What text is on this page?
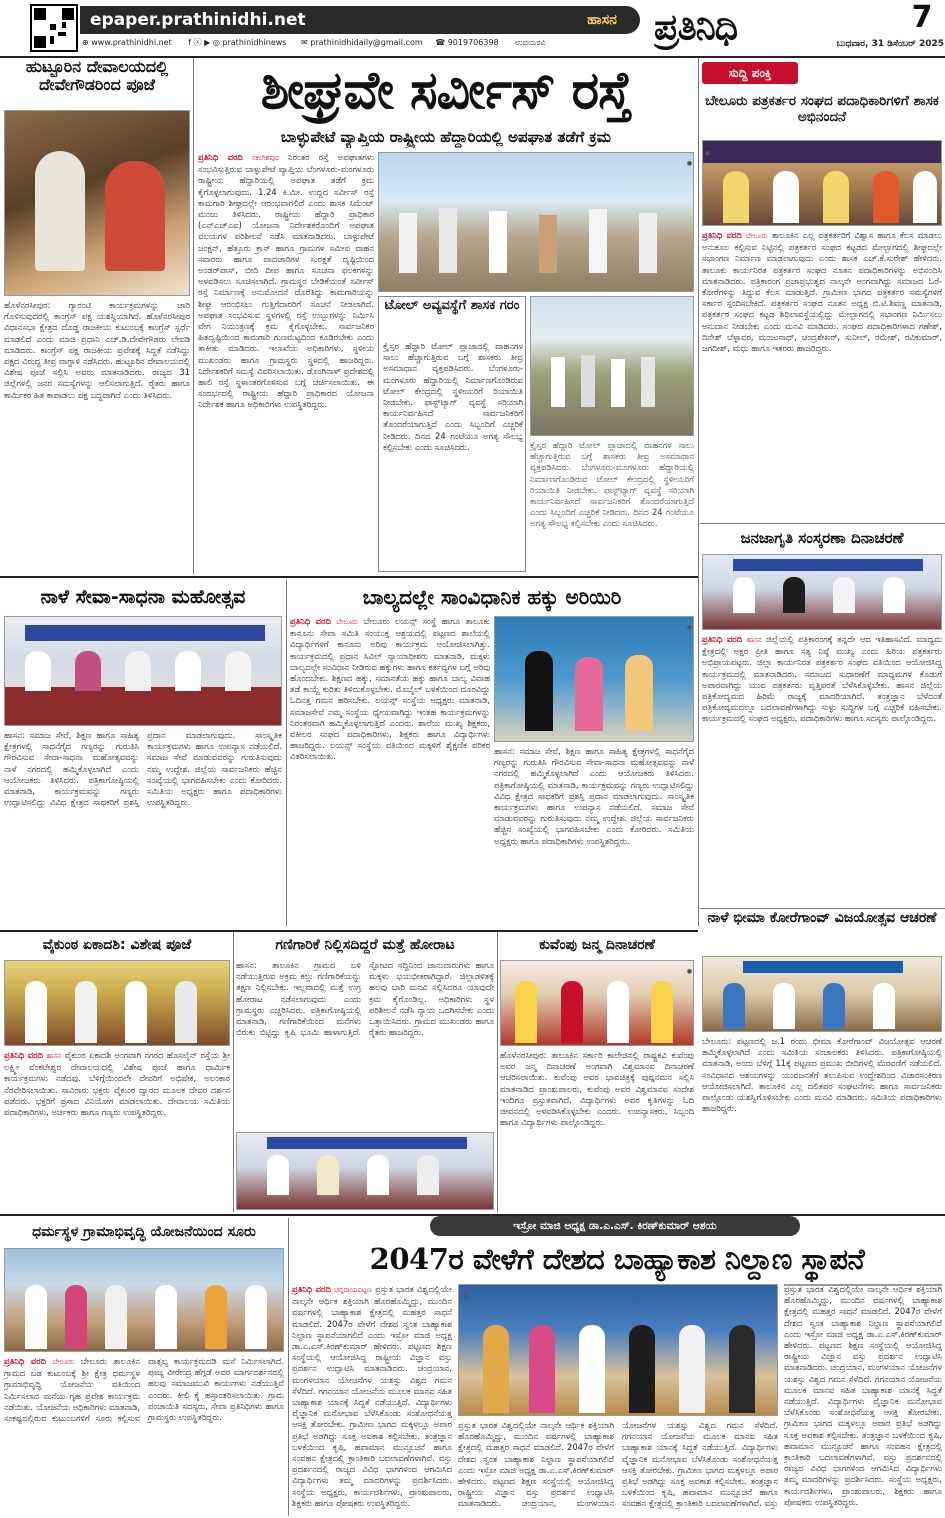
epaper.prathinidhi.net	ಹಾಸನ
⊕ www.prathinidhi.net f ⓧ ▶ ◎ prathinidhinews ✉ prathinidhidaily@gmail.com ☎ 9019706398 ಉದಯರವಿ	ಪ್ರತಿನಿಧಿ	7
ಬುಧವಾರ, 31 ಡಿಸೆಂಬರ್ 2025
ಹುಟ್ಟೂರಿನ ದೇವಾಲಯದಲ್ಲಿ ದೇವೇಗೌಡರಿಂದ ಪೂಜೆ
●
ಹೊಳೆನರಸೀಪುರ: ಗ್ಯಾರಂಟಿ ಕಾರ್ಯಕ್ರಮಗಳನ್ನು ಜಾರಿ ಗೊಳಿಸುವುದರಲ್ಲಿ ಕಾಂಗ್ರೆಸ್ ಪಕ್ಷ ಯಶಸ್ವಿಯಾಗಿದೆ. ಹೊಳೆನರಸೀಪುರ ವಿಧಾನಸಭಾ ಕ್ಷೇತ್ರದ ದೊಡ್ಡ ರಾಜಕೀಯ ಕುಟುಂಬಕ್ಕೆ ಕಾಂಗ್ರೆಸ್ ಸ್ಪರ್ಧೆ ಮಾಡಲಿದೆ ಎಂದು ಮಾಜಿ ಪ್ರಧಾನಿ ಎಚ್.ಡಿ.ದೇವೇಗೌಡರು ಲೇವಡಿ ಮಾಡಿದರು. ಕಾಂಗ್ರೆಸ್ ಪಕ್ಷ ರಾಜಕೀಯ ಪ್ರವೇಶಕ್ಕೆ ಸಿದ್ಧತೆ ನಡೆಸಿದ್ದು ಪಕ್ಷದ ವಿರುದ್ಧ ತೀವ್ರ ವಾಗ್ದಾಳಿ ನಡೆಸಿದರು. ಹುಟ್ಟೂರಿನ ದೇವಾಲಯದಲ್ಲಿ ವಿಶೇಷ ಪೂಜೆ ಸಲ್ಲಿಸಿ ಅವರು ಮಾತನಾಡಿದರು. ರಾಜ್ಯದ 31 ಜಿಲ್ಲೆಗಳಲ್ಲಿ ಜನರ ಸಮಸ್ಯೆಗಳನ್ನು ಆಲಿಸಲಾಗುತ್ತಿದೆ. ರೈತರು ಹಾಗೂ ಕಾರ್ಮಿಕರ ಹಿತ ಕಾಪಾಡಲು ಪಕ್ಷ ಬದ್ಧವಾಗಿದೆ ಎಂದು ತಿಳಿಸಿದರು.
ಶೀಘ್ರವೇ ಸರ್ವೀಸ್ ರಸ್ತೆ
ಬಾಳ್ಳುಪೇಟೆ ವ್ಯಾಪ್ತಿಯ ರಾಷ್ಟ್ರೀಯ ಹೆದ್ದಾರಿಯಲ್ಲಿ ಅಪಘಾತ ತಡೆಗೆ ಕ್ರಮ
ಪ್ರತಿನಿಧಿ ವರದಿ ಸಕಲೇಶಪುರ ನಿರಂತರ ರಸ್ತೆ ಅಪಘಾತಗಳು ಸಂಭವಿಸುತ್ತಿರುವ ಬಾಳ್ಳುಪೇಟೆ ವ್ಯಾಪ್ತಿಯ ಬೆಂಗಳೂರು-ಮಂಗಳೂರು ರಾಷ್ಟ್ರೀಯ ಹೆದ್ದಾರಿಯಲ್ಲಿ ಅಪಘಾತ ತಡೆಗೆ ಕ್ರಮ ಕೈಗೊಳ್ಳಲಾಗುವುದು. 1.24 ಕಿ.ಮೀ. ಉದ್ದದ ಸರ್ವೀಸ್ ರಸ್ತೆ ಕಾಮಗಾರಿ ಶೀಘ್ರದಲ್ಲೇ ಆರಂಭವಾಗಲಿದೆ ಎಂದು ಶಾಸಕ ಸಿಮೆಂಟ್ ಮಂಜು ತಿಳಿಸಿದರು. ರಾಷ್ಟ್ರೀಯ ಹೆದ್ದಾರಿ ಪ್ರಾಧಿಕಾರ (ಎನ್‌ಎಚ್‌ಎ‌ಐ) ಯೋಜನಾ ನಿರ್ದೇಶಕರೊಂದಿಗೆ ಅಪಘಾತ ವಲಯಗಳ ಪರಿಶೀಲನೆ ನಡೆಸಿ ಮಾತನಾಡಿದರು. ಬಾಳ್ಳುಪೇಟೆ ಜಂಕ್ಷನ್, ಹೆತ್ತೂರು ಕ್ರಾಸ್ ಹಾಗೂ ಗ್ರಾಮಗಳ ಸಮೀಪ ವಾಹನ ಸವಾರರು ಹಾಗೂ ಪಾದಚಾರಿಗಳ ಸುರಕ್ಷತೆ ದೃಷ್ಟಿಯಿಂದ ಅಂಡರ್‌ಪಾಸ್, ಬೀದಿ ದೀಪ ಹಾಗೂ ಸೂಚನಾ ಫಲಕಗಳನ್ನು ಅಳವಡಿಸಲು ಸೂಚಿಸಲಾಗಿದೆ. ಗ್ರಾಮಸ್ಥರ ಬೇಡಿಕೆಯಂತೆ ಸರ್ವೀಸ್ ರಸ್ತೆ ನಿರ್ಮಾಣಕ್ಕೆ ಅನುಮೋದನೆ ದೊರೆತಿದ್ದು ಕಾಮಗಾರಿಯನ್ನು ಶೀಘ್ರ ಆರಂಭಿಸಲು ಗುತ್ತಿಗೆದಾರರಿಗೆ ಸೂಚನೆ ನೀಡಲಾಗಿದೆ. ಅಪಘಾತ ಸಂಭವಿಸುವ ಸ್ಥಳಗಳಲ್ಲಿ ರಸ್ತೆ ಉಬ್ಬುಗಳನ್ನು ನಿರ್ಮಿಸಿ ವೇಗ ನಿಯಂತ್ರಣಕ್ಕೆ ಕ್ರಮ ಕೈಗೊಳ್ಳಬೇಕು. ಸಾರ್ವಜನಿಕರ ಹಿತದೃಷ್ಟಿಯಿಂದ ಕಾಮಗಾರಿ ಗುಣಮಟ್ಟದಿಂದ ಕೂಡಿರಬೇಕು ಎಂದು ತಾಕೀತು ಮಾಡಿದರು. ಇಲಾಖೆಯ ಅಧಿಕಾರಿಗಳು, ಸ್ಥಳೀಯ ಮುಖಂಡರು ಹಾಗೂ ಗ್ರಾಮಸ್ಥರು ಸ್ಥಳದಲ್ಲಿ ಹಾಜರಿದ್ದರು. ನಿರ್ದೇಶಕರಿಗೆ ಸಮಸ್ಯೆ ವಿವರಿಸಲಾಯಿತು. ಡೊಂಗಿನಾಳ್ ಪ್ರದೇಶದಲ್ಲಿ ಹಾಲಿ ರಸ್ತೆ ಸ್ಥಳಾಂತರಗೊಳಿಸುವ ಬಗ್ಗೆ ಚರ್ಚಿಸಲಾಯಿತು. ಈ ಸಂದರ್ಭದಲ್ಲಿ ರಾಷ್ಟ್ರೀಯ ಹೆದ್ದಾರಿ ಪ್ರಾಧಿಕಾರದ ಯೋಜನಾ ನಿರ್ದೇಶಕ ಹಾಗೂ ಅಧಿಕಾರಿಗಳು ಉಪಸ್ಥಿತರಿದ್ದರು.
●
ಟೋಲ್ ಅವ್ಯವಸ್ಥೆಗೆ ಶಾಸಕ ಗರಂ
ಕ್ರೈಸ್ತರ ಹೆದ್ದಾರಿ ಟೋಲ್ ಪ್ಲಾಜಾದಲ್ಲಿ ವಾಹನಗಳ ಸಾಲು ಹೆಚ್ಚಾಗುತ್ತಿರುವ ಬಗ್ಗೆ ಶಾಸಕರು ತೀವ್ರ ಅಸಮಾಧಾನ ವ್ಯಕ್ತಪಡಿಸಿದರು. ಬೆಂಗಳೂರು-ಮಂಗಳೂರು ಹೆದ್ದಾರಿಯಲ್ಲಿ ನಿರ್ಮಾಣಗೊಂಡಿರುವ ಟೋಲ್ ಕೇಂದ್ರದಲ್ಲಿ ಸ್ಥಳೀಯರಿಗೆ ರಿಯಾಯಿತಿ ನೀಡಬೇಕು. ಫಾಸ್ಟ್‌ಟ್ಯಾಗ್ ವ್ಯವಸ್ಥೆ ಸರಿಯಾಗಿ ಕಾರ್ಯನಿರ್ವಹಿಸದೆ ಸಾರ್ವಜನಿಕರಿಗೆ ತೊಂದರೆಯಾಗುತ್ತಿದೆ ಎಂದು ಸಿಬ್ಬಂದಿಗೆ ಎಚ್ಚರಿಕೆ ನೀಡಿದರು. ದಿನದ 24 ಗಂಟೆಯೂ ಅಗತ್ಯ ಸೌಲಭ್ಯ ಕಲ್ಪಿಸಬೇಕು ಎಂದು ಸೂಚಿಸಿದರು.	ಕ್ರೈಸ್ತರ ಹೆದ್ದಾರಿ ಟೋಲ್ ಪ್ಲಾಜಾದಲ್ಲಿ ವಾಹನಗಳ ಸಾಲು ಹೆಚ್ಚಾಗುತ್ತಿರುವ ಬಗ್ಗೆ ಶಾಸಕರು ತೀವ್ರ ಅಸಮಾಧಾನ ವ್ಯಕ್ತಪಡಿಸಿದರು. ಬೆಂಗಳೂರು-ಮಂಗಳೂರು ಹೆದ್ದಾರಿಯಲ್ಲಿ ನಿರ್ಮಾಣಗೊಂಡಿರುವ ಟೋಲ್ ಕೇಂದ್ರದಲ್ಲಿ ಸ್ಥಳೀಯರಿಗೆ ರಿಯಾಯಿತಿ ನೀಡಬೇಕು. ಫಾಸ್ಟ್‌ಟ್ಯಾಗ್ ವ್ಯವಸ್ಥೆ ಸರಿಯಾಗಿ ಕಾರ್ಯನಿರ್ವಹಿಸದೆ ಸಾರ್ವಜನಿಕರಿಗೆ ತೊಂದರೆಯಾಗುತ್ತಿದೆ ಎಂದು ಸಿಬ್ಬಂದಿಗೆ ಎಚ್ಚರಿಕೆ ನೀಡಿದರು. ದಿನದ 24 ಗಂಟೆಯೂ ಅಗತ್ಯ ಸೌಲಭ್ಯ ಕಲ್ಪಿಸಬೇಕು ಎಂದು ಸೂಚಿಸಿದರು.
ಸುದ್ದಿ ಪಂಕ್ತಿ
ಬೇಲೂರು ಪತ್ರಕರ್ತರ ಸಂಘದ ಪದಾಧಿಕಾರಿಗಳಿಗೆ ಶಾಸಕ ಅಭಿನಂದನೆ
●
ಪ್ರತಿನಿಧಿ ವರದಿ ಬೇಲೂರು ತಾಲೂಕಿನ ಎಲ್ಲ ಪತ್ರಕರ್ತರಿಗೆ ವಿಶ್ವಾಸ ಹಾಗೂ ಕೆಲಸ ಮಾಡಲು ಅನುಕೂಲ ಕಲ್ಪಿಸುವ ನಿಟ್ಟಿನಲ್ಲಿ ಪತ್ರಕರ್ತರ ಸಂಘದ ಕಟ್ಟಡದ ಮೇಲ್ಭಾಗದಲ್ಲಿ ಶೀಘ್ರದಲ್ಲೇ ಸಭಾಂಗಣ ನಿರ್ಮಾಣ ಮಾಡಲಾಗುವುದು ಎಂದು ಶಾಸಕ ಎಚ್.ಕೆ.ಸುರೇಶ್ ಹೇಳಿದರು. ತಾಲೂಕು ಕಾರ್ಯನಿರತ ಪತ್ರಕರ್ತರ ಸಂಘದ ನೂತನ ಪದಾಧಿಕಾರಿಗಳನ್ನು ಅಭಿನಂದಿಸಿ ಮಾತನಾಡಿದರು. ಪತ್ರಿಕಾರಂಗ ಪ್ರಜಾಪ್ರಭುತ್ವದ ನಾಲ್ಕನೇ ಅಂಗವಾಗಿದ್ದು ಸಮಾಜದ ಓರೆ-ಕೋರೆಗಳನ್ನು ತಿದ್ದುವ ಕೆಲಸ ಮಾಡುತ್ತಿದೆ. ಗ್ರಾಮೀಣ ಭಾಗದ ಪತ್ರಕರ್ತರ ಸಮಸ್ಯೆಗಳಿಗೆ ಸರ್ಕಾರ ಸ್ಪಂದಿಸಬೇಕಿದೆ. ಪತ್ರಕರ್ತರ ಸಂಘದ ನೂತನ ಅಧ್ಯಕ್ಷ ಬಿ.ಟಿ.ಶಿವಣ್ಣ ಮಾತನಾಡಿ, ಪತ್ರಕರ್ತರ ಸಂಘದ ಕಟ್ಟಡ ಶಿಥಿಲಾವಸ್ಥೆಯಲ್ಲಿದ್ದು ಮೇಲ್ಭಾಗದಲ್ಲಿ ಸಭಾಂಗಣ ನಿರ್ಮಿಸಲು ಅನುದಾನ ನೀಡಬೇಕು ಎಂದು ಮನವಿ ಮಾಡಿದರು. ಸಂಘದ ಪದಾಧಿಕಾರಿಗಳಾದ ಗಣೇಶ್, ದಿನೇಶ್ ಬೆಳ್ಳಾವರ, ಮಂಜುನಾಥ್, ಚಂದ್ರಶೇಖರ್, ಸುನೀಲ್, ರಮೇಶ್, ರವಿಕುಮಾರ್, ಜಗದೀಶ್, ಮಧು ಹಾಗೂ ಇತರರು ಹಾಜರಿದ್ದರು.
ಜನಜಾಗೃತಿ ಸಂಸ್ಕರಣಾ ದಿನಾಚರಣೆ
ನಾಳೆ ಸೇವಾ-ಸಾಧನಾ ಮಹೋತ್ಸವ
ಹಾಸನ: ಸಮಾಜ ಸೇವೆ, ಶಿಕ್ಷಣ ಹಾಗೂ ಸಾಹಿತ್ಯ ಕ್ಷೇತ್ರಗಳಲ್ಲಿ ಸಾಧನೆಗೈದ ಗಣ್ಯರನ್ನು ಗುರುತಿಸಿ ಗೌರವಿಸುವ ಸೇವಾ-ಸಾಧನಾ ಮಹೋತ್ಸವವನ್ನು ನಾಳೆ ನಗರದಲ್ಲಿ ಹಮ್ಮಿಕೊಳ್ಳಲಾಗಿದೆ ಎಂದು ಆಯೋಜಕರು ತಿಳಿಸಿದರು. ಪತ್ರಿಕಾಗೋಷ್ಠಿಯಲ್ಲಿ ಮಾತನಾಡಿ, ಕಾರ್ಯಕ್ರಮವನ್ನು ಗಣ್ಯರು ಉದ್ಘಾಟಿಸಲಿದ್ದು ವಿವಿಧ ಕ್ಷೇತ್ರದ ಸಾಧಕರಿಗೆ ಪ್ರಶಸ್ತಿ ಪ್ರದಾನ ಮಾಡಲಾಗುವುದು. ಸಾಂಸ್ಕೃತಿಕ ಕಾರ್ಯಕ್ರಮಗಳು ಹಾಗೂ ಉಪನ್ಯಾಸ ನಡೆಯಲಿದೆ. ಸಮಾಜ ಸೇವೆ ಮಾಡುವವರನ್ನು ಗುರುತಿಸುವುದು ನಮ್ಮ ಉದ್ದೇಶ. ಜಿಲ್ಲೆಯ ಸಾರ್ವಜನಿಕರು ಹೆಚ್ಚಿನ ಸಂಖ್ಯೆಯಲ್ಲಿ ಭಾಗವಹಿಸಬೇಕು ಎಂದು ಕೋರಿದರು. ಸಮಿತಿಯ ಅಧ್ಯಕ್ಷರು ಹಾಗೂ ಪದಾಧಿಕಾರಿಗಳು ಉಪಸ್ಥಿತರಿದ್ದರು.
ಬಾಲ್ಯದಲ್ಲೇ ಸಾಂವಿಧಾನಿಕ ಹಕ್ಕು ಅರಿಯಿರಿ
ಪ್ರತಿನಿಧಿ ವರದಿ ಬೇಲೂರು ಬೇಲೂರು ಲಯನ್ಸ್ ಸಂಸ್ಥೆ ಹಾಗೂ ತಾಲೂಕು ಕಾನೂನು ಸೇವಾ ಸಮಿತಿ ಸಂಯುಕ್ತ ಆಶ್ರಯದಲ್ಲಿ ಪಟ್ಟಣದ ಶಾಲೆಯಲ್ಲಿ ವಿದ್ಯಾರ್ಥಿಗಳಿಗೆ ಕಾನೂನು ಅರಿವು ಕಾರ್ಯಕ್ರಮ ಆಯೋಜಿಸಲಾಗಿತ್ತು. ಕಾರ್ಯಕ್ರಮದಲ್ಲಿ ಪ್ರಧಾನ ಸಿವಿಲ್ ನ್ಯಾಯಾಧೀಶರು ಮಾತನಾಡಿ, ಮಕ್ಕಳು ಬಾಲ್ಯದಲ್ಲೇ ಸಂವಿಧಾನ ನೀಡಿರುವ ಹಕ್ಕುಗಳು ಹಾಗೂ ಕರ್ತವ್ಯಗಳ ಬಗ್ಗೆ ಅರಿವು ಹೊಂದಬೇಕು. ಶಿಕ್ಷಣದ ಹಕ್ಕು, ಸಮಾನತೆಯ ಹಕ್ಕು ಹಾಗೂ ಬಾಲ್ಯ ವಿವಾಹ ತಡೆ ಕಾಯ್ದೆ ಕುರಿತು ತಿಳಿದುಕೊಳ್ಳಬೇಕು. ಮೊಬೈಲ್ ಬಳಕೆಯಿಂದ ದೂರವಿದ್ದು ಓದಿನತ್ತ ಗಮನ ಹರಿಸಬೇಕು. ಲಯನ್ಸ್ ಸಂಸ್ಥೆಯ ಅಧ್ಯಕ್ಷರು ಮಾತನಾಡಿ, ಸಮಾಜಸೇವೆ ನಮ್ಮ ಸಂಸ್ಥೆಯ ಧ್ಯೇಯವಾಗಿದ್ದು ಇಂತಹ ಕಾರ್ಯಕ್ರಮಗಳನ್ನು ನಿರಂತರವಾಗಿ ಹಮ್ಮಿಕೊಳ್ಳಲಾಗುತ್ತಿದೆ ಎಂದರು. ಶಾಲೆಯ ಮುಖ್ಯ ಶಿಕ್ಷಕರು, ವಕೀಲರ ಸಂಘದ ಪದಾಧಿಕಾರಿಗಳು, ಶಿಕ್ಷಕರು ಹಾಗೂ ವಿದ್ಯಾರ್ಥಿಗಳು ಹಾಜರಿದ್ದರು. ಲಯನ್ಸ್ ಸಂಸ್ಥೆಯ ವತಿಯಿಂದ ಮಕ್ಕಳಿಗೆ ಶೈಕ್ಷಣಿಕ ಪರಿಕರ ವಿತರಿಸಲಾಯಿತು.
●
ಹಾಸನ: ಸಮಾಜ ಸೇವೆ, ಶಿಕ್ಷಣ ಹಾಗೂ ಸಾಹಿತ್ಯ ಕ್ಷೇತ್ರಗಳಲ್ಲಿ ಸಾಧನೆಗೈದ ಗಣ್ಯರನ್ನು ಗುರುತಿಸಿ ಗೌರವಿಸುವ ಸೇವಾ-ಸಾಧನಾ ಮಹೋತ್ಸವವನ್ನು ನಾಳೆ ನಗರದಲ್ಲಿ ಹಮ್ಮಿಕೊಳ್ಳಲಾಗಿದೆ ಎಂದು ಆಯೋಜಕರು ತಿಳಿಸಿದರು. ಪತ್ರಿಕಾಗೋಷ್ಠಿಯಲ್ಲಿ ಮಾತನಾಡಿ, ಕಾರ್ಯಕ್ರಮವನ್ನು ಗಣ್ಯರು ಉದ್ಘಾಟಿಸಲಿದ್ದು ವಿವಿಧ ಕ್ಷೇತ್ರದ ಸಾಧಕರಿಗೆ ಪ್ರಶಸ್ತಿ ಪ್ರದಾನ ಮಾಡಲಾಗುವುದು. ಸಾಂಸ್ಕೃತಿಕ ಕಾರ್ಯಕ್ರಮಗಳು ಹಾಗೂ ಉಪನ್ಯಾಸ ನಡೆಯಲಿದೆ. ಸಮಾಜ ಸೇವೆ ಮಾಡುವವರನ್ನು ಗುರುತಿಸುವುದು ನಮ್ಮ ಉದ್ದೇಶ. ಜಿಲ್ಲೆಯ ಸಾರ್ವಜನಿಕರು ಹೆಚ್ಚಿನ ಸಂಖ್ಯೆಯಲ್ಲಿ ಭಾಗವಹಿಸಬೇಕು ಎಂದು ಕೋರಿದರು. ಸಮಿತಿಯ ಅಧ್ಯಕ್ಷರು ಹಾಗೂ ಪದಾಧಿಕಾರಿಗಳು ಉಪಸ್ಥಿತರಿದ್ದರು.
ಪ್ರತಿನಿಧಿ ವರದಿ ಹಾಸನ ಜಿಲ್ಲೆಯಲ್ಲಿ ಪತ್ರಿಕಾರಂಗಕ್ಕೆ ತನ್ನದೇ ಆದ ಇತಿಹಾಸವಿದೆ. ಮಾಧ್ಯಮ ಕ್ಷೇತ್ರದಲ್ಲಿ ಅಕ್ಷರ ಪ್ರೀತಿ ಹಾಗೂ ಸತ್ಯ ನಿಷ್ಠೆ ಮುಖ್ಯ ಎಂದು ಹಿರಿಯ ಪತ್ರಕರ್ತರು ಅಭಿಪ್ರಾಯಪಟ್ಟರು. ಜಿಲ್ಲಾ ಕಾರ್ಯನಿರತ ಪತ್ರಕರ್ತರ ಸಂಘದ ವತಿಯಿಂದ ಆಯೋಜಿಸಿದ್ದ ಕಾರ್ಯಕ್ರಮದಲ್ಲಿ ಮಾತನಾಡಿದರು. ಸಮಾಜದ ಸುಧಾರಣೆಗೆ ಮಾಧ್ಯಮಗಳ ಕೊಡುಗೆ ಅಪಾರವಾಗಿದ್ದು ಯುವ ಪತ್ರಕರ್ತರು ವೃತ್ತಿಪರತೆ ಬೆಳೆಸಿಕೊಳ್ಳಬೇಕು. ಹಾಸನ ಜಿಲ್ಲೆಯ ಪತ್ರಿಕೋದ್ಯಮದ ಹಿರಿಮೆ ರಾಜ್ಯಕ್ಕೆ ಮಾದರಿಯಾಗಿದೆ. ತಂತ್ರಜ್ಞಾನ ಬೆಳೆದಂತೆ ಪತ್ರಿಕೋದ್ಯಮದಲ್ಲೂ ಬದಲಾವಣೆಗಳಾಗಿದ್ದು ಸುಳ್ಳು ಸುದ್ದಿಗಳ ಬಗ್ಗೆ ಎಚ್ಚರಿಕೆ ವಹಿಸಬೇಕು. ಕಾರ್ಯಕ್ರಮದಲ್ಲಿ ಸಂಘದ ಅಧ್ಯಕ್ಷರು, ಪದಾಧಿಕಾರಿಗಳು ಹಾಗೂ ಸದಸ್ಯರು ಪಾಲ್ಗೊಂಡಿದ್ದರು.
ನಾಳೆ ಭೀಮಾ ಕೋರೆಗಾಂವ್ ವಿಜಯೋತ್ಸವ ಆಚರಣೆ
ಬೇಲೂರು: ಪಟ್ಟಣದಲ್ಲಿ ಜ.1 ರಂದು ಭೀಮಾ ಕೋರೆಗಾಂವ್ ವಿಜಯೋತ್ಸವ ಆಚರಣೆ ಹಮ್ಮಿಕೊಳ್ಳಲಾಗಿದೆ ಎಂದು ಸಮಿತಿಯ ಸಂಚಾಲಕರು ತಿಳಿಸಿದರು. ಪತ್ರಿಕಾಗೋಷ್ಠಿಯಲ್ಲಿ ಮಾತನಾಡಿ, ಅಂದು ಬೆಳಿಗ್ಗೆ 11ಕ್ಕೆ ಪಟ್ಟಣದ ಪ್ರಮುಖ ಬೀದಿಗಳಲ್ಲಿ ಮೆರವಣಿಗೆ ನಡೆಯಲಿದೆ. ಸಂವಿಧಾನದ ಆಶಯಗಳನ್ನು ಯುವಜನತೆಗೆ ತಲುಪಿಸುವ ಉದ್ದೇಶದಿಂದ ವಿಚಾರಸಂಕಿರಣ ಆಯೋಜಿಸಲಾಗಿದೆ. ತಾಲೂಕಿನ ಎಲ್ಲ ದಲಿತಪರ ಸಂಘಟನೆಗಳು ಹಾಗೂ ಸಾರ್ವಜನಿಕರು ಪಾಲ್ಗೊಂಡು ಯಶಸ್ವಿಗೊಳಿಸಬೇಕು ಎಂದು ಮನವಿ ಮಾಡಿದರು. ಸಮಿತಿಯ ಪದಾಧಿಕಾರಿಗಳು ಹಾಜರಿದ್ದರು.
ವೈಕುಂಠ ಏಕಾದಶಿ: ವಿಶೇಷ ಪೂಜೆ
ಪ್ರತಿನಿಧಿ ವರದಿ ಹಾಸನ ವೈಕುಂಠ ಏಕಾದಶಿ ಅಂಗವಾಗಿ ನಗರದ ಹೊಸಲೈನ್ ರಸ್ತೆಯ ಶ್ರೀ ಲಕ್ಷ್ಮೀ ವೆಂಕಟೇಶ್ವರ ದೇವಾಲಯದಲ್ಲಿ ವಿಶೇಷ ಪೂಜೆ ಹಾಗೂ ಧಾರ್ಮಿಕ ಕಾರ್ಯಕ್ರಮಗಳು ನಡೆದವು. ಬೆಳಿಗ್ಗೆಯಿಂದಲೇ ದೇವರಿಗೆ ಅಭಿಷೇಕ, ಅಲಂಕಾರ ನೆರವೇರಿಸಲಾಯಿತು. ಸಾವಿರಾರು ಭಕ್ತರು ವೈಕುಂಠ ದ್ವಾರದ ಮೂಲಕ ದೇವರ ದರ್ಶನ ಪಡೆದರು. ಭಕ್ತರಿಗೆ ಪ್ರಸಾದ ವಿನಿಯೋಗ ಮಾಡಲಾಯಿತು. ದೇವಾಲಯ ಸಮಿತಿಯ ಪದಾಧಿಕಾರಿಗಳು, ಅರ್ಚಕರು ಹಾಗೂ ಗಣ್ಯರು ಉಪಸ್ಥಿತರಿದ್ದರು.
ಗಣಿಗಾರಿಕೆ ನಿಲ್ಲಿಸದಿದ್ದರೆ ಮತ್ತೆ ಹೋರಾಟ
ಹಾಸನ: ತಾಲೂಕಿನ ಗ್ರಾಮದ ಬಳಿ ನಡೆಯುತ್ತಿರುವ ಅಕ್ರಮ ಕಲ್ಲು ಗಣಿಗಾರಿಕೆಯನ್ನು ತಕ್ಷಣ ನಿಲ್ಲಿಸಬೇಕು. ಇಲ್ಲವಾದಲ್ಲಿ ಮತ್ತೆ ಉಗ್ರ ಹೋರಾಟ ನಡೆಸಲಾಗುವುದು ಎಂದು ಗ್ರಾಮಸ್ಥರು ಎಚ್ಚರಿಸಿದರು. ಪತ್ರಿಕಾಗೋಷ್ಠಿಯಲ್ಲಿ ಮಾತನಾಡಿ, ಗಣಿಗಾರಿಕೆಯಿಂದ ಮನೆಗಳು ಬಿರುಕು ಬಿಟ್ಟಿದ್ದು ಕೃಷಿ ಭೂಮಿ ಹಾಳಾಗುತ್ತಿದೆ. ಸ್ಫೋಟದ ಸದ್ದಿನಿಂದ ಜಾನುವಾರುಗಳು ಹಾಗೂ ಮಕ್ಕಳು ಭಯಭೀತರಾಗಿದ್ದಾರೆ. ಜಿಲ್ಲಾಡಳಿತಕ್ಕೆ ಹಲವು ಬಾರಿ ಮನವಿ ಸಲ್ಲಿಸಿದರೂ ಯಾವುದೇ ಕ್ರಮ ಕೈಗೊಂಡಿಲ್ಲ. ಅಧಿಕಾರಿಗಳು ಸ್ಥಳ ಪರಿಶೀಲನೆ ನಡೆಸಿ ನ್ಯಾಯ ಒದಗಿಸಬೇಕು ಎಂದು ಒತ್ತಾಯಿಸಿದರು. ಗ್ರಾಮದ ಮುಖಂಡರು ಹಾಗೂ ರೈತರು ಹಾಜರಿದ್ದರು.
ಕುವೆಂಪು ಜನ್ಮ ದಿನಾಚರಣೆ
●
ಹೊಳೆನರಸೀಪುರ: ತಾಲೂಕಿನ ಸರ್ಕಾರಿ ಕಾಲೇಜಿನಲ್ಲಿ ರಾಷ್ಟ್ರಕವಿ ಕುವೆಂಪು ಅವರ ಜನ್ಮ ದಿನಾಚರಣೆ ಅಂಗವಾಗಿ ವಿಶ್ವಮಾನವ ದಿನಾಚರಣೆ ಆಚರಿಸಲಾಯಿತು. ಕುವೆಂಪು ಅವರ ಭಾವಚಿತ್ರಕ್ಕೆ ಪುಷ್ಪನಮನ ಸಲ್ಲಿಸಿ ಮಾತನಾಡಿದ ಪ್ರಾಂಶುಪಾಲರು, ಕುವೆಂಪು ಅವರ ವಿಶ್ವಮಾನವ ಸಂದೇಶ ಇಂದಿಗೂ ಪ್ರಸ್ತುತವಾಗಿದೆ. ವಿದ್ಯಾರ್ಥಿಗಳು ಅವರ ಕೃತಿಗಳನ್ನು ಓದಿ ಜೀವನದಲ್ಲಿ ಅಳವಡಿಸಿಕೊಳ್ಳಬೇಕು ಎಂದರು. ಉಪನ್ಯಾಸಕರು, ಸಿಬ್ಬಂದಿ ಹಾಗೂ ವಿದ್ಯಾರ್ಥಿಗಳು ಪಾಲ್ಗೊಂಡಿದ್ದರು.
ಧರ್ಮಸ್ಥಳ ಗ್ರಾಮಾಭಿವೃದ್ಧಿ ಯೋಜನೆಯಿಂದ ಸೂರು
ಪ್ರತಿನಿಧಿ ವರದಿ ಬೇಲೂರು ಬೇಲೂರು ತಾಲೂಕಿನ ಗ್ರಾಮದ ಬಡ ಕುಟುಂಬಕ್ಕೆ ಶ್ರೀ ಕ್ಷೇತ್ರ ಧರ್ಮಸ್ಥಳ ಗ್ರಾಮಾಭಿವೃದ್ಧಿ ಯೋಜನೆಯ ವತಿಯಿಂದ ನಿರ್ಮಿಸಲಾದ ಮನೆಯ ಗೃಹ ಪ್ರವೇಶ ಕಾರ್ಯಕ್ರಮ ನಡೆಯಿತು. ಯೋಜನೆಯ ಅಧಿಕಾರಿಗಳು ಮಾತನಾಡಿ, ಸಂಕಷ್ಟದಲ್ಲಿರುವ ಕುಟುಂಬಗಳಿಗೆ ಸೂರು ಕಲ್ಪಿಸುವ ವಾತ್ಸಲ್ಯ ಕಾರ್ಯಕ್ರಮದಡಿ ಮನೆ ನಿರ್ಮಿಸಲಾಗಿದೆ. ಪೂಜ್ಯ ವೀರೇಂದ್ರ ಹೆಗ್ಗಡೆ ಅವರ ಮಾರ್ಗದರ್ಶನದಲ್ಲಿ ಹಲವು ಸಮಾಜಮುಖಿ ಕಾರ್ಯಗಳು ನಡೆಯುತ್ತಿವೆ ಎಂದರು. ಕೀಲಿ ಕೈ ಹಸ್ತಾಂತರಿಸಲಾಯಿತು. ಗ್ರಾಮ ಪಂಚಾಯಿತಿ ಸದಸ್ಯರು, ಸೇವಾ ಪ್ರತಿನಿಧಿಗಳು ಹಾಗೂ ಗ್ರಾಮಸ್ಥರು ಉಪಸ್ಥಿತರಿದ್ದರು.
ಇಸ್ರೋ ಮಾಜಿ ಅಧ್ಯಕ್ಷ ಡಾ.ಎ.ಎಸ್. ಕಿರಣ್‌ಕುಮಾರ್ ಆಶಯ
2047ರ ವೇಳೆಗೆ ದೇಶದ ಬಾಹ್ಯಾಕಾಶ ನಿಲ್ದಾಣ ಸ್ಥಾಪನೆ
ಪ್ರತಿನಿಧಿ ವರದಿ ಚನ್ನರಾಯಪಟ್ಟಣ ಪ್ರಸ್ತುತ ಭಾರತ ವಿಶ್ವದಲ್ಲಿಯೇ ನಾಲ್ಕನೇ ಆರ್ಥಿಕ ಶಕ್ತಿಯಾಗಿ ಹೊರಹೊಮ್ಮಿದ್ದು, ಮುಂದಿನ ವರ್ಷಗಳಲ್ಲಿ ಬಾಹ್ಯಾಕಾಶ ಕ್ಷೇತ್ರದಲ್ಲಿ ಮಹತ್ತರ ಸಾಧನೆ ಮಾಡಲಿದೆ. 2047ರ ವೇಳೆಗೆ ದೇಶದ ಸ್ವಂತ ಬಾಹ್ಯಾಕಾಶ ನಿಲ್ದಾಣ ಸ್ಥಾಪನೆಯಾಗಲಿದೆ ಎಂದು ಇಸ್ರೋ ಮಾಜಿ ಅಧ್ಯಕ್ಷ ಡಾ.ಎ.ಎಸ್.ಕಿರಣ್‌ಕುಮಾರ್ ಹೇಳಿದರು. ಪಟ್ಟಣದ ಶಿಕ್ಷಣ ಸಂಸ್ಥೆಯಲ್ಲಿ ಆಯೋಜಿಸಿದ್ದ ರಾಷ್ಟ್ರೀಯ ವಿಜ್ಞಾನ ವಸ್ತು ಪ್ರದರ್ಶನ ಉದ್ಘಾಟಿಸಿ ಮಾತನಾಡಿದರು. ಚಂದ್ರಯಾನ, ಮಂಗಳಯಾನ ಯೋಜನೆಗಳ ಯಶಸ್ಸು ವಿಶ್ವದ ಗಮನ ಸೆಳೆದಿದೆ. ಗಗನಯಾನ ಯೋಜನೆಯ ಮೂಲಕ ಮಾನವ ಸಹಿತ ಬಾಹ್ಯಾಕಾಶ ಯಾನಕ್ಕೆ ಸಿದ್ಧತೆ ನಡೆಯುತ್ತಿದೆ. ವಿದ್ಯಾರ್ಥಿಗಳು ವೈಜ್ಞಾನಿಕ ಮನೋಭಾವ ಬೆಳೆಸಿಕೊಂಡು ಸಂಶೋಧನೆಯತ್ತ ಆಸಕ್ತಿ ತೋರಬೇಕು. ಗ್ರಾಮೀಣ ಭಾಗದ ಮಕ್ಕಳಲ್ಲೂ ಅಪಾರ ಪ್ರತಿಭೆ ಅಡಗಿದ್ದು ಸೂಕ್ತ ಅವಕಾಶ ಕಲ್ಪಿಸಬೇಕು. ತಂತ್ರಜ್ಞಾನ ಬಳಕೆಯಿಂದ ಕೃಷಿ, ಹವಾಮಾನ ಮುನ್ಸೂಚನೆ ಹಾಗೂ ಸಂವಹನ ಕ್ಷೇತ್ರದಲ್ಲಿ ಕ್ರಾಂತಿಕಾರಿ ಬದಲಾವಣೆಗಳಾಗಿವೆ. ವಸ್ತು ಪ್ರದರ್ಶನದಲ್ಲಿ ರಾಜ್ಯದ ವಿವಿಧ ಭಾಗಗಳಿಂದ ಆಗಮಿಸಿದ ವಿದ್ಯಾರ್ಥಿಗಳು ತಮ್ಮ ಮಾದರಿಗಳನ್ನು ಪ್ರದರ್ಶಿಸಿದರು. ಸಂಸ್ಥೆಯ ಅಧ್ಯಕ್ಷರು, ಕಾರ್ಯದರ್ಶಿಗಳು, ಪ್ರಾಂಶುಪಾಲರು, ಶಿಕ್ಷಕರು ಹಾಗೂ ಪೋಷಕರು ಉಪಸ್ಥಿತರಿದ್ದರು.
●
ಪ್ರಸ್ತುತ ಭಾರತ ವಿಶ್ವದಲ್ಲಿಯೇ ನಾಲ್ಕನೇ ಆರ್ಥಿಕ ಶಕ್ತಿಯಾಗಿ ಹೊರಹೊಮ್ಮಿದ್ದು, ಮುಂದಿನ ವರ್ಷಗಳಲ್ಲಿ ಬಾಹ್ಯಾಕಾಶ ಕ್ಷೇತ್ರದಲ್ಲಿ ಮಹತ್ತರ ಸಾಧನೆ ಮಾಡಲಿದೆ. 2047ರ ವೇಳೆಗೆ ದೇಶದ ಸ್ವಂತ ಬಾಹ್ಯಾಕಾಶ ನಿಲ್ದಾಣ ಸ್ಥಾಪನೆಯಾಗಲಿದೆ ಎಂದು ಇಸ್ರೋ ಮಾಜಿ ಅಧ್ಯಕ್ಷ ಡಾ.ಎ.ಎಸ್.ಕಿರಣ್‌ಕುಮಾರ್ ಹೇಳಿದರು. ಪಟ್ಟಣದ ಶಿಕ್ಷಣ ಸಂಸ್ಥೆಯಲ್ಲಿ ಆಯೋಜಿಸಿದ್ದ ರಾಷ್ಟ್ರೀಯ ವಿಜ್ಞಾನ ವಸ್ತು ಪ್ರದರ್ಶನ ಉದ್ಘಾಟಿಸಿ ಮಾತನಾಡಿದರು. ಚಂದ್ರಯಾನ, ಮಂಗಳಯಾನ ಯೋಜನೆಗಳ ಯಶಸ್ಸು ವಿಶ್ವದ ಗಮನ ಸೆಳೆದಿದೆ. ಗಗನಯಾನ ಯೋಜನೆಯ ಮೂಲಕ ಮಾನವ ಸಹಿತ ಬಾಹ್ಯಾಕಾಶ ಯಾನಕ್ಕೆ ಸಿದ್ಧತೆ ನಡೆಯುತ್ತಿದೆ. ವಿದ್ಯಾರ್ಥಿಗಳು ವೈಜ್ಞಾನಿಕ ಮನೋಭಾವ ಬೆಳೆಸಿಕೊಂಡು ಸಂಶೋಧನೆಯತ್ತ ಆಸಕ್ತಿ ತೋರಬೇಕು. ಗ್ರಾಮೀಣ ಭಾಗದ ಮಕ್ಕಳಲ್ಲೂ ಅಪಾರ ಪ್ರತಿಭೆ ಅಡಗಿದ್ದು ಸೂಕ್ತ ಅವಕಾಶ ಕಲ್ಪಿಸಬೇಕು. ತಂತ್ರಜ್ಞಾನ ಬಳಕೆಯಿಂದ ಕೃಷಿ, ಹವಾಮಾನ ಮುನ್ಸೂಚನೆ ಹಾಗೂ ಸಂವಹನ ಕ್ಷೇತ್ರದಲ್ಲಿ ಕ್ರಾಂತಿಕಾರಿ ಬದಲಾವಣೆಗಳಾಗಿವೆ. ವಸ್ತು
ಪ್ರಸ್ತುತ ಭಾರತ ವಿಶ್ವದಲ್ಲಿಯೇ ನಾಲ್ಕನೇ ಆರ್ಥಿಕ ಶಕ್ತಿಯಾಗಿ ಹೊರಹೊಮ್ಮಿದ್ದು, ಮುಂದಿನ ವರ್ಷಗಳಲ್ಲಿ ಬಾಹ್ಯಾಕಾಶ ಕ್ಷೇತ್ರದಲ್ಲಿ ಮಹತ್ತರ ಸಾಧನೆ ಮಾಡಲಿದೆ. 2047ರ ವೇಳೆಗೆ ದೇಶದ ಸ್ವಂತ ಬಾಹ್ಯಾಕಾಶ ನಿಲ್ದಾಣ ಸ್ಥಾಪನೆಯಾಗಲಿದೆ ಎಂದು ಇಸ್ರೋ ಮಾಜಿ ಅಧ್ಯಕ್ಷ ಡಾ.ಎ.ಎಸ್.ಕಿರಣ್‌ಕುಮಾರ್ ಹೇಳಿದರು. ಪಟ್ಟಣದ ಶಿಕ್ಷಣ ಸಂಸ್ಥೆಯಲ್ಲಿ ಆಯೋಜಿಸಿದ್ದ ರಾಷ್ಟ್ರೀಯ ವಿಜ್ಞಾನ ವಸ್ತು ಪ್ರದರ್ಶನ ಉದ್ಘಾಟಿಸಿ ಮಾತನಾಡಿದರು. ಚಂದ್ರಯಾನ, ಮಂಗಳಯಾನ ಯೋಜನೆಗಳ ಯಶಸ್ಸು ವಿಶ್ವದ ಗಮನ ಸೆಳೆದಿದೆ. ಗಗನಯಾನ ಯೋಜನೆಯ ಮೂಲಕ ಮಾನವ ಸಹಿತ ಬಾಹ್ಯಾಕಾಶ ಯಾನಕ್ಕೆ ಸಿದ್ಧತೆ ನಡೆಯುತ್ತಿದೆ. ವಿದ್ಯಾರ್ಥಿಗಳು ವೈಜ್ಞಾನಿಕ ಮನೋಭಾವ ಬೆಳೆಸಿಕೊಂಡು ಸಂಶೋಧನೆಯತ್ತ ಆಸಕ್ತಿ ತೋರಬೇಕು. ಗ್ರಾಮೀಣ ಭಾಗದ ಮಕ್ಕಳಲ್ಲೂ ಅಪಾರ ಪ್ರತಿಭೆ ಅಡಗಿದ್ದು ಸೂಕ್ತ ಅವಕಾಶ ಕಲ್ಪಿಸಬೇಕು. ತಂತ್ರಜ್ಞಾನ ಬಳಕೆಯಿಂದ ಕೃಷಿ, ಹವಾಮಾನ ಮುನ್ಸೂಚನೆ ಹಾಗೂ ಸಂವಹನ ಕ್ಷೇತ್ರದಲ್ಲಿ ಕ್ರಾಂತಿಕಾರಿ ಬದಲಾವಣೆಗಳಾಗಿವೆ. ವಸ್ತು ಪ್ರದರ್ಶನದಲ್ಲಿ ರಾಜ್ಯದ ವಿವಿಧ ಭಾಗಗಳಿಂದ ಆಗಮಿಸಿದ ವಿದ್ಯಾರ್ಥಿಗಳು ತಮ್ಮ ಮಾದರಿಗಳನ್ನು ಪ್ರದರ್ಶಿಸಿದರು. ಸಂಸ್ಥೆಯ ಅಧ್ಯಕ್ಷರು, ಕಾರ್ಯದರ್ಶಿಗಳು, ಪ್ರಾಂಶುಪಾಲರು, ಶಿಕ್ಷಕರು ಹಾಗೂ ಪೋಷಕರು ಉಪಸ್ಥಿತರಿದ್ದರು.
